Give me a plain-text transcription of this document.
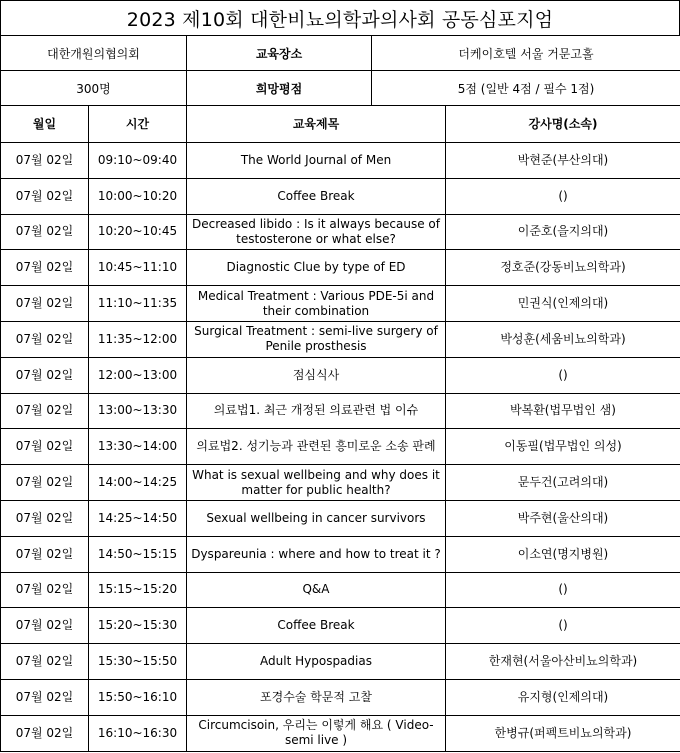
2023 제10회 대한비뇨의학과의사회 공동심포지엄
대한개원의협의회	교육장소	더케이호텔 서울 거문고홀
300명	희망평점	5점 (일반 4점 / 필수 1점)
월일	시간	교육제목	강사명(소속)
07월 02일	09:10~09:40	The World Journal of Men	박현준(부산의대)
07월 02일	10:00~10:20	Coffee Break	()
07월 02일	10:20~10:45	Decreased libido : Is it always because of testosterone or what else?	이준호(을지의대)
07월 02일	10:45~11:10	Diagnostic Clue by type of ED	정호준(강동비뇨의학과)
07월 02일	11:10~11:35	Medical Treatment : Various PDE-5i and their combination	민권식(인제의대)
07월 02일	11:35~12:00	Surgical Treatment : semi-live surgery of Penile prosthesis	박성훈(세움비뇨의학과)
07월 02일	12:00~13:00	점심식사	()
07월 02일	13:00~13:30	의료법1. 최근 개정된 의료관련 법 이슈	박복환(법무법인 샘)
07월 02일	13:30~14:00	의료법2. 성기능과 관련된 흥미로운 소송 판례	이동필(법무법인 의성)
07월 02일	14:00~14:25	What is sexual wellbeing and why does it matter for public health?	문두건(고려의대)
07월 02일	14:25~14:50	Sexual wellbeing in cancer survivors	박주현(울산의대)
07월 02일	14:50~15:15	Dyspareunia : where and how to treat it ?	이소연(명지병원)
07월 02일	15:15~15:20	Q&A	()
07월 02일	15:20~15:30	Coffee Break	()
07월 02일	15:30~15:50	Adult Hypospadias	한재현(서울아산비뇨의학과)
07월 02일	15:50~16:10	포경수술 학문적 고찰	유지형(인제의대)
07월 02일	16:10~16:30	Circumcisoin, 우리는 이렇게 해요 ( Video-semi live )	한병규(퍼펙트비뇨의학과)
